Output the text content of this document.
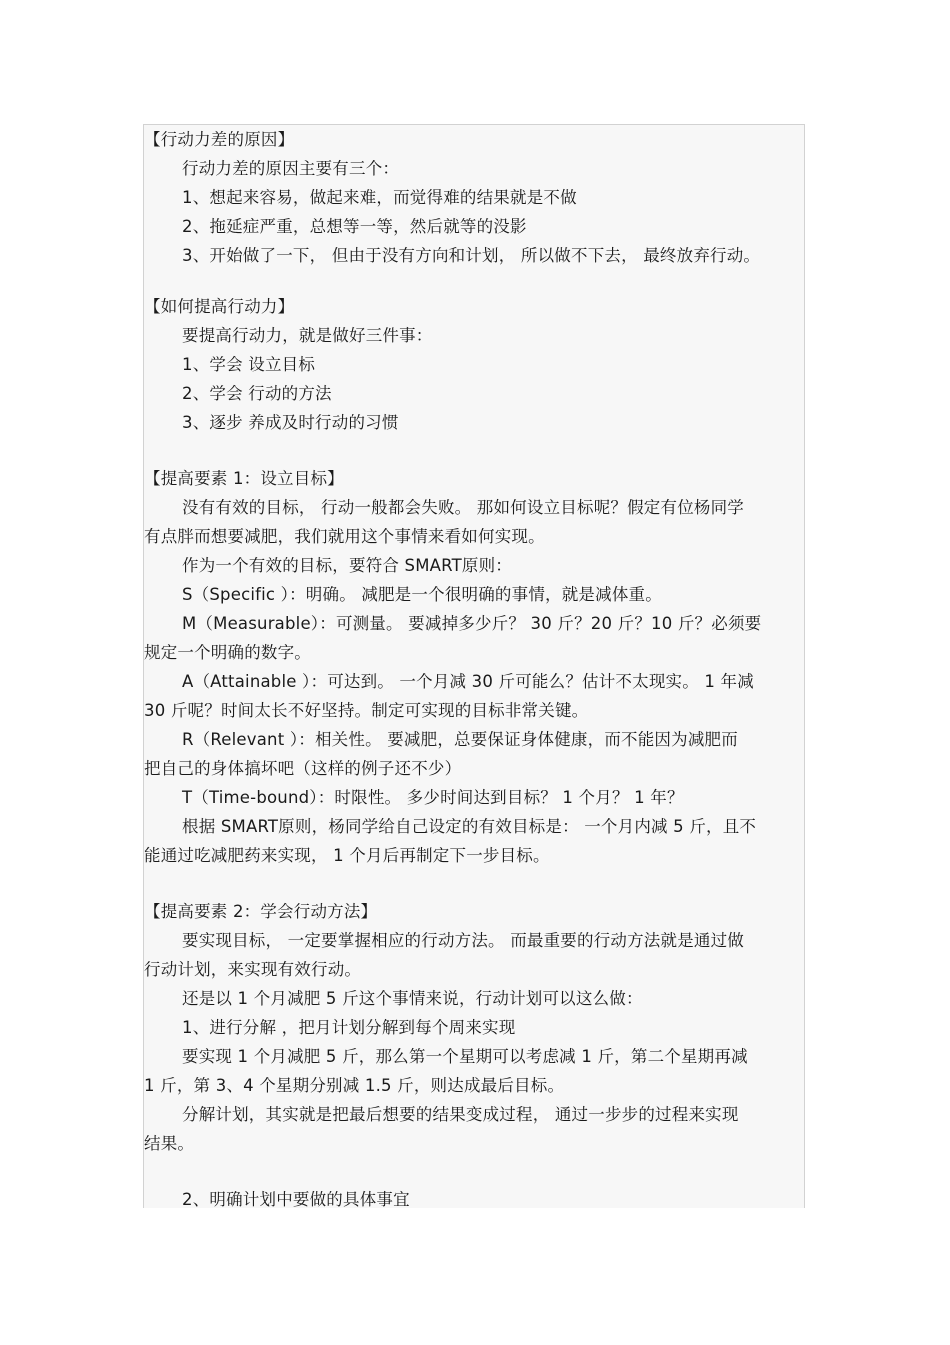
【行动力差的原因】
行动力差的原因主要有三个：
1、想起来容易，做起来难，而觉得难的结果就是不做
2、拖延症严重，总想等一等，然后就等的没影
3、开始做了一下， 但由于没有方向和计划， 所以做不下去， 最终放弃行动。
【如何提高行动力】
要提高行动力，就是做好三件事：
1、学会 设立目标
2、学会 行动的方法
3、逐步 养成及时行动的习惯
【提高要素 1：设立目标】
没有有效的目标， 行动一般都会失败。 那如何设立目标呢？假定有位杨同学
有点胖而想要减肥，我们就用这个事情来看如何实现。
作为一个有效的目标，要符合 SMART原则：
S（Specific ）：明确。 减肥是一个很明确的事情，就是减体重。
M（Measurable）：可测量。 要减掉多少斤？ 30 斤？20 斤？10 斤？必须要
规定一个明确的数字。
A（Attainable ）：可达到。 一个月减 30 斤可能么？估计不太现实。 1 年减
30 斤呢？时间太长不好坚持。制定可实现的目标非常关键。
R（Relevant ）：相关性。 要减肥，总要保证身体健康，而不能因为减肥而
把自己的身体搞坏吧（这样的例子还不少）
T（Time-bound）：时限性。 多少时间达到目标？ 1 个月？ 1 年？
根据 SMART原则，杨同学给自己设定的有效目标是： 一个月内减 5 斤，且不
能通过吃减肥药来实现， 1 个月后再制定下一步目标。
【提高要素 2：学会行动方法】
要实现目标， 一定要掌握相应的行动方法。 而最重要的行动方法就是通过做
行动计划，来实现有效行动。
还是以 1 个月减肥 5 斤这个事情来说，行动计划可以这么做：
1、进行分解 ，把月计划分解到每个周来实现
要实现 1 个月减肥 5 斤，那么第一个星期可以考虑减 1 斤，第二个星期再减
1 斤，第 3、4 个星期分别减 1.5 斤，则达成最后目标。
分解计划，其实就是把最后想要的结果变成过程， 通过一步步的过程来实现
结果。
2、明确计划中要做的具体事宜
